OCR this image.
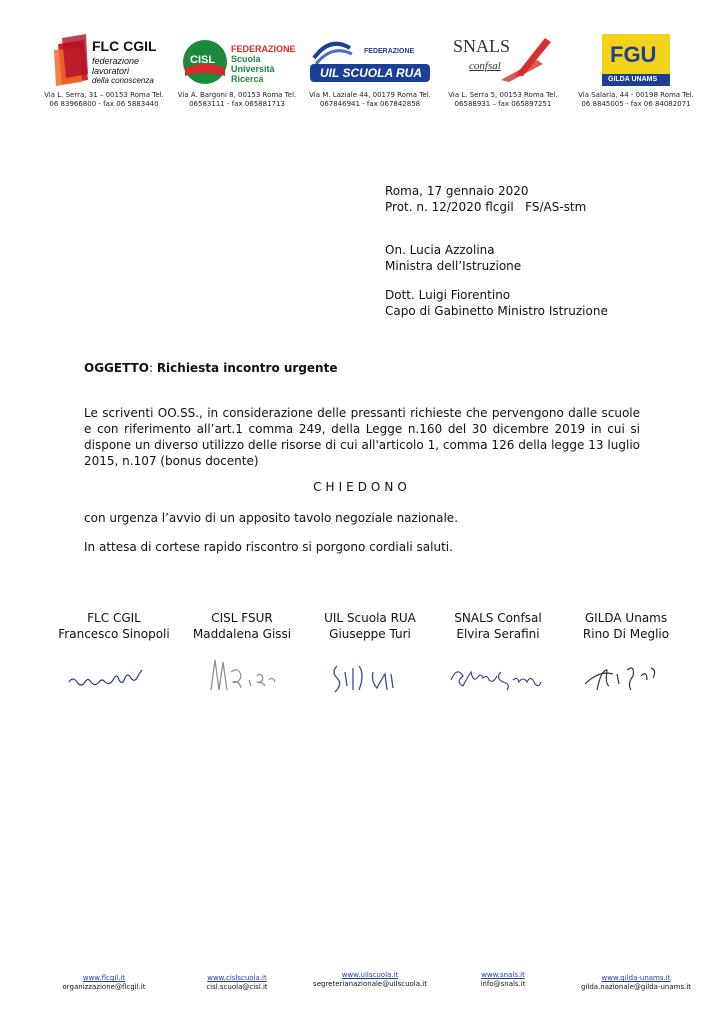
FLC CGIL
federazione
lavoratori
della conoscenza
Via L. Serra, 31 – 00153 Roma Tel. 06 83966800 - fax 06 5883440
CISL
FEDERAZIONE
Scuola
Università
Ricerca
Via A. Bargoni 8, 00153 Roma Tel. 06583111 - fax 065881713
FEDERAZIONE
UIL SCUOLA RUA
Via M. Laziale 44, 00179 Roma Tel. 067846941 - fax 067842858
SNALS
confsal
Via L. Serra 5, 00153 Roma Tel. 06588931 – fax 065897251
FGU
GILDA UNAMS
Via Salaria, 44 - 00198 Roma Tel. 06 8845005 - fax 06 84082071
Roma, 17 gennaio 2020
Prot. n. 12/2020 flcgil   FS/AS-stm
On. Lucia Azzolina
Ministra dell’Istruzione
Dott. Luigi Fiorentino
Capo di Gabinetto Ministro Istruzione
OGGETTO: Richiesta incontro urgente
Le scriventi OO.SS., in considerazione delle pressanti richieste che pervengono dalle scuole e con riferimento all’art.1 comma 249, della Legge n.160 del 30 dicembre 2019 in cui si dispone un diverso utilizzo delle risorse di cui all'articolo 1, comma 126 della legge 13 luglio 2015, n.107 (bonus docente)
CHIEDONO
con urgenza l’avvio di un apposito tavolo negoziale nazionale.
In attesa di cortese rapido riscontro si porgono cordiali saluti.
FLC CGIL
Francesco Sinopoli
CISL FSUR
Maddalena Gissi
UIL Scuola RUA
Giuseppe Turi
SNALS Confsal
Elvira Serafini
GILDA Unams
Rino Di Meglio
www.flcgil.it
organizzazione@flcgil.it
www.cislscuola.it
cisl.scuola@cisl.it
www.uilscuola.it
segreterianazionale@uilscuola.it
www.snals.it
info@snals.it
www.gilda-unams.it
gilda.nazionale@gilda-unams.it
